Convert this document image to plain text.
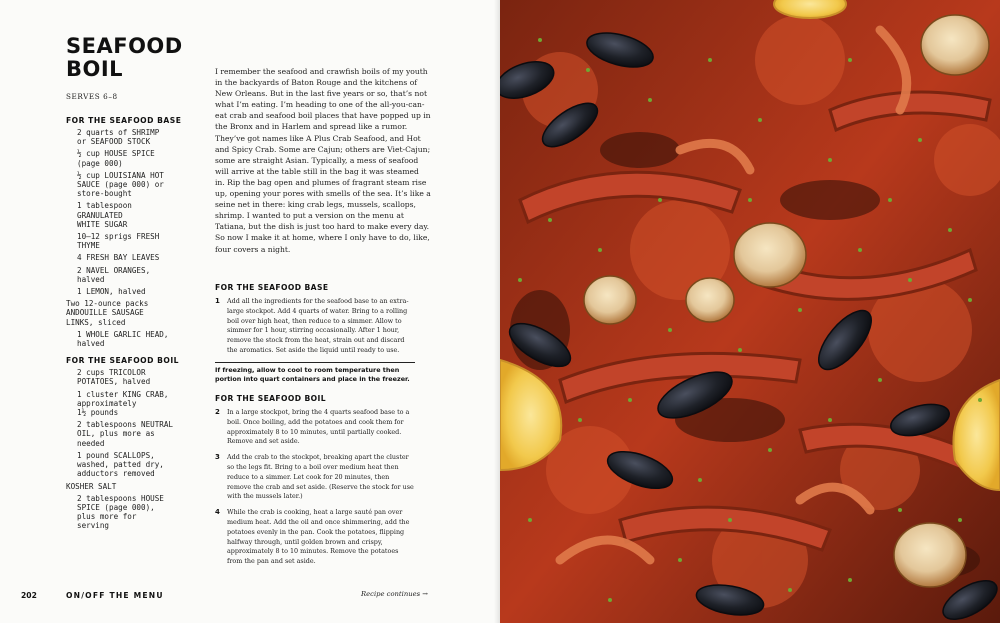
SEAFOOD
BOIL
SERVES 6–8
FOR THE SEAFOOD BASE
2 quarts of SHRIMP
or SEAFOOD STOCK
½ cup HOUSE SPICE
(page 000)
½ cup LOUISIANA HOT
SAUCE (page 000) or
store-bought
1 tablespoon
GRANULATED
WHITE SUGAR
10–12 sprigs FRESH
THYME
4 FRESH BAY LEAVES
2 NAVEL ORANGES,
halved
1 LEMON, halved
Two 12-ounce packs
ANDOUILLE SAUSAGE
LINKS, sliced
1 WHOLE GARLIC HEAD,
halved
FOR THE SEAFOOD BOIL
2 cups TRICOLOR
POTATOES, halved
1 cluster KING CRAB,
approximately
1½ pounds
2 tablespoons NEUTRAL
OIL, plus more as
needed
1 pound SCALLOPS,
washed, patted dry,
adductors removed
KOSHER SALT
2 tablespoons HOUSE
SPICE (page 000),
plus more for
serving

I remember the seafood and crawfish boils of my youth in the backyards of Baton Rouge and the kitchens of New Orleans. But in the last five years or so, that’s not what I’m eating. I’m heading to one of the all-you-can-eat crab and seafood boil places that have popped up in the Bronx and in Harlem and spread like a rumor. They’ve got names like A Plus Crab Seafood, and Hot and Spicy Crab. Some are Cajun; others are Viet-Cajun; some are straight Asian. Typically, a mess of seafood will arrive at the table still in the bag it was steamed in. Rip the bag open and plumes of fragrant steam rise up, opening your pores with smells of the sea. It’s like a seine net in there: king crab legs, mussels, scallops, shrimp. I wanted to put a version on the menu at Tatiana, but the dish is just too hard to make every day. So now I make it at home, where I only have to do, like, four covers a night.

FOR THE SEAFOOD BASE
1	Add all the ingredients for the seafood base to an extra-large stockpot. Add 4 quarts of water. Bring to a rolling boil over high heat, then reduce to a simmer. Allow to simmer for 1 hour, stirring occasionally. After 1 hour, remove the stock from the heat, strain out and discard the aromatics. Set aside the liquid until ready to use.
If freezing, allow to cool to room temperature then portion into quart containers and place in the freezer.
FOR THE SEAFOOD BOIL
2	In a large stockpot, bring the 4 quarts seafood base to a boil. Once boiling, add the potatoes and cook them for approximately 8 to 10 minutes, until partially cooked. Remove and set aside.
3	Add the crab to the stockpot, breaking apart the cluster so the legs fit. Bring to a boil over medium heat then reduce to a simmer. Let cook for 20 minutes, then remove the crab and set aside. (Reserve the stock for use with the mussels later.)
4	While the crab is cooking, heat a large sauté pan over medium heat. Add the oil and once shimmering, add the potatoes evenly in the pan. Cook the potatoes, flipping halfway through, until golden brown and crispy, approximately 8 to 10 minutes. Remove the potatoes from the pan and set aside.
202	ON/OFF THE MENU	Recipe continues →
